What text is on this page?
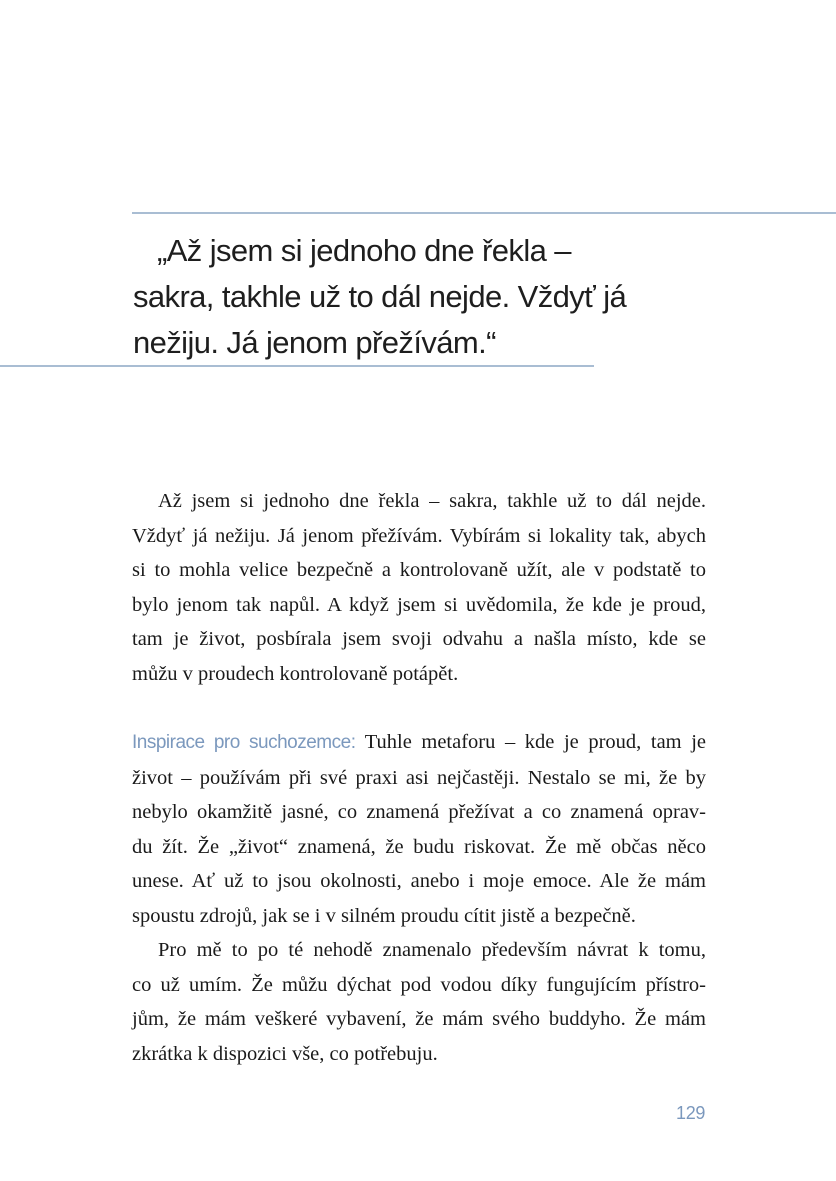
„Až jsem si jednoho dne řekla –
sakra, takhle už to dál nejde. Vždyť já
nežiju. Já jenom přežívám.“
Až jsem si jednoho dne řekla – sakra, takhle už to dál nejde.
Vždyť já nežiju. Já jenom přežívám. Vybírám si lokality tak, abych
si to mohla velice bezpečně a kontrolovaně užít, ale v podstatě to
bylo jenom tak napůl. A když jsem si uvědomila, že kde je proud,
tam je život, posbírala jsem svoji odvahu a našla místo, kde se
můžu v proudech kontrolovaně potápět.
Inspirace pro suchozemce: Tuhle metaforu – kde je proud, tam je
život – používám při své praxi asi nejčastěji. Nestalo se mi, že by
nebylo okamžitě jasné, co znamená přežívat a co znamená oprav-
du žít. Že „život“ znamená, že budu riskovat. Že mě občas něco
unese. Ať už to jsou okolnosti, anebo i moje emoce. Ale že mám
spoustu zdrojů, jak se i v silném proudu cítit jistě a bezpečně.
Pro mě to po té nehodě znamenalo především návrat k tomu,
co už umím. Že můžu dýchat pod vodou díky fungujícím přístro-
jům, že mám veškeré vybavení, že mám svého buddyho. Že mám
zkrátka k dispozici vše, co potřebuju.
129
